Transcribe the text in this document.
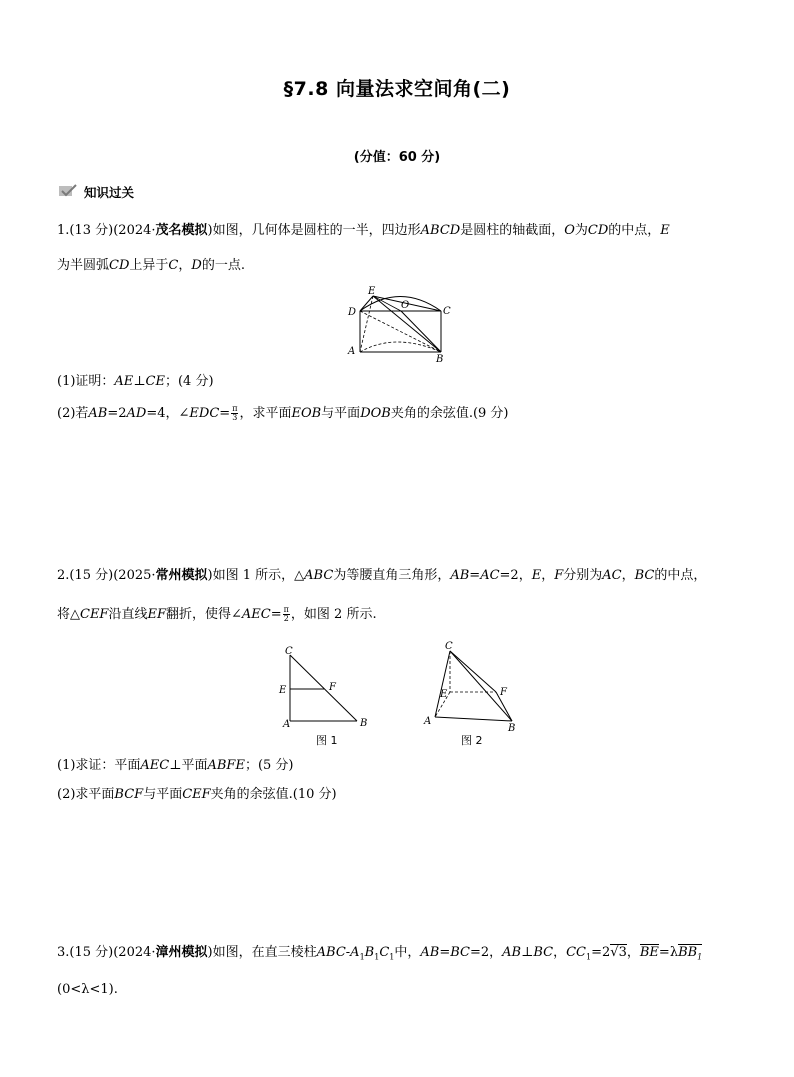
§7.8 向量法求空间角(二)
(分值：60 分)
知识过关
1.(13 分)(2024·茂名模拟)如图，几何体是圆柱的一半，四边形ABCD是圆柱的轴截面，O为CD的中点，E
为半圆弧CD上异于C，D的一点.
E
O
D	C
A
B
(1)证明：AE⊥CE；(4 分)
(2)若AB=2AD=4，∠EDC= $\frac{\pi}{3}$ ，求平面EOB与平面DOB夹角的余弦值.(9 分)
2.(15 分)(2025·常州模拟)如图 1 所示，△ABC为等腰直角三角形，AB=AC=2，E，F分别为AC，BC的中点，
将△CEF沿直线EF翻折，使得∠AEC= $\frac{\pi}{2}$ ，如图 2 所示.
C
E	F
A	B
图 1
C
E	F
A
B
图 2
(1)求证：平面AEC⊥平面ABFE；(5 分)
(2)求平面BCF与平面CEF夹角的余弦值.(10 分)
3.(15 分)(2024·漳州模拟)如图，在直三棱柱ABC-$A_1B_1C_1$中，AB=BC=2，AB⊥BC，$CC_1=2√3$，BE=λBB$_1$
(0<λ<1).
